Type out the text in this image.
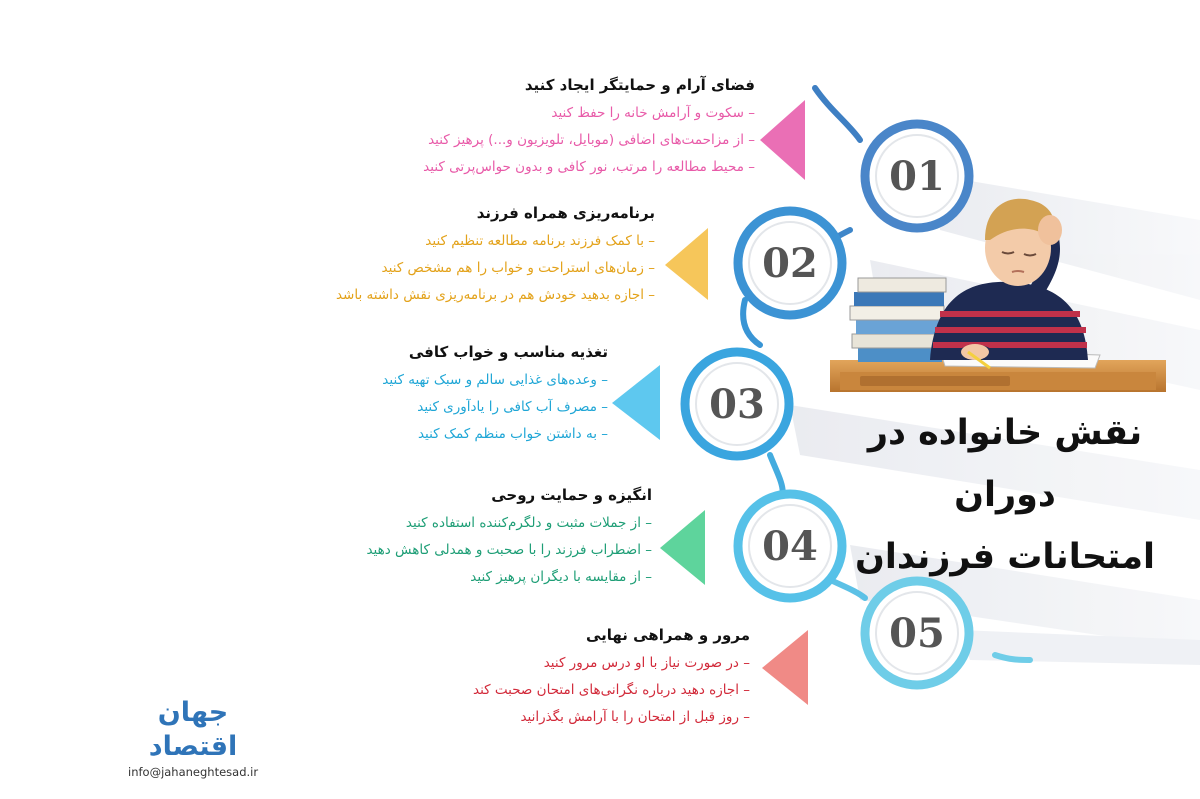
01
02
03
04
05
فضای آرام و حمایتگر ایجاد کنید
– سکوت و آرامش خانه را حفظ کنید
– از مزاحمت‌های اضافی (موبایل، تلویزیون و...) پرهیز کنید
– محیط مطالعه را مرتب، نور کافی و بدون حواس‌پرتی کنید
برنامه‌ریزی همراه فرزند
– با کمک فرزند برنامه مطالعه تنظیم کنید
– زمان‌های استراحت و خواب را هم مشخص کنید
– اجازه بدهید خودش هم در برنامه‌ریزی نقش داشته باشد
تغذیه مناسب و خواب کافی
– وعده‌های غذایی سالم و سبک تهیه کنید
– مصرف آب کافی را یادآوری کنید
– به داشتن خواب منظم کمک کنید
انگیزه و حمایت روحی
– از جملات مثبت و دلگرم‌کننده استفاده کنید
– اضطراب فرزند را با صحبت و همدلی کاهش دهید
– از مقایسه با دیگران پرهیز کنید
مرور و همراهی نهایی
– در صورت نیاز با او درس مرور کنید
– اجازه دهید درباره نگرانی‌های امتحان صحبت کند
– روز قبل از امتحان را با آرامش بگذرانید
نقش خانواده در دوران
امتحانات فرزندان
جهان اقتصاد
info@jahaneghtesad.ir
